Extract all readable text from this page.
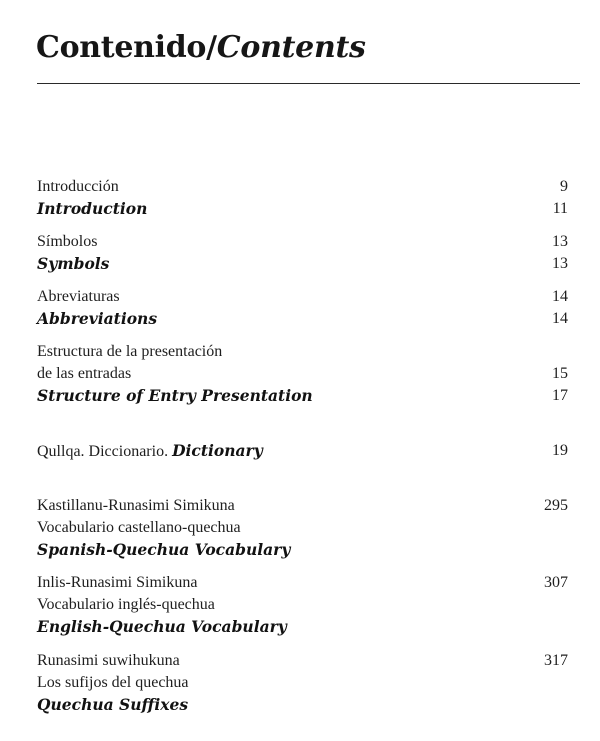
Contenido/Contents
Introducción	9
Introduction	11
Símbolos	13
Symbols	13
Abreviaturas	14
Abbreviations	14
Estructura de la presentación
de las entradas	15
Structure of Entry Presentation	17
Qullqa. Diccionario. Dictionary	19
Kastillanu-Runasimi Simikuna	295
Vocabulario castellano-quechua
Spanish-Quechua Vocabulary
Inlis-Runasimi Simikuna	307
Vocabulario inglés-quechua
English-Quechua Vocabulary
Runasimi suwihukuna	317
Los sufijos del quechua
Quechua Suffixes
